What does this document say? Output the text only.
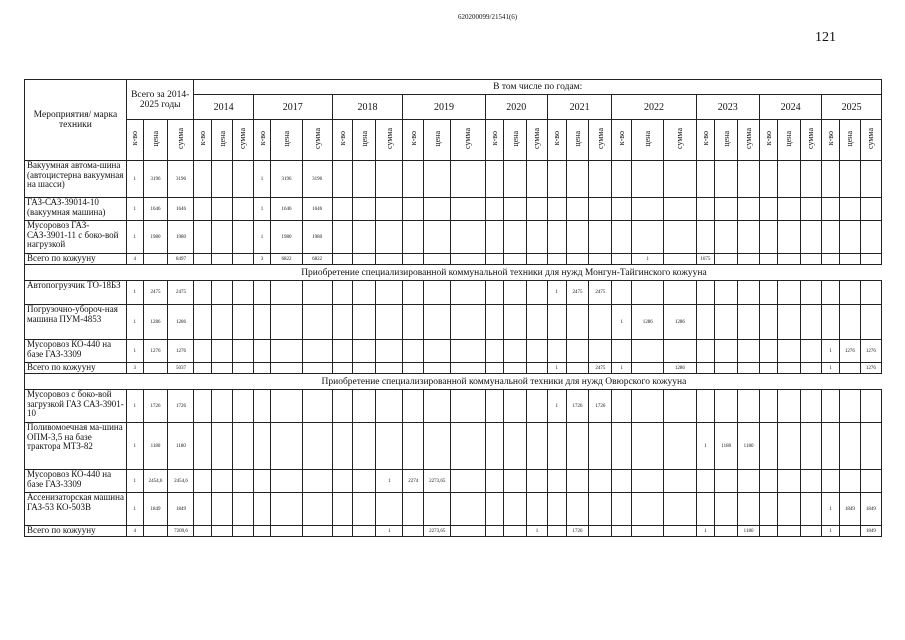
620200099/21541(6)
121
Мероприятия/ марка техники	Всего за 2014-2025 годы			В том числе по годам:																													
				2014			2017			2018			2019			2020			2021			2022			2023			2024			2025		
	к-во	цена	сумма	к-во	цена	сумма	к-во	цена	сумма	к-во	цена	сумма	к-во	цена	сумма	к-во	цена	сумма	к-во	цена	сумма	к-во	цена	сумма	к-во	цена	сумма	к-во	цена	сумма	к-во	цена	сумма
Вакуумная автома-шина (автоцистерна вакуумная на шасси)	1	3196	3196				1	3196	3196																								
ГАЗ-САЗ-39014-10 (вакуумная машина)	1	1646	1646				1	1646	1646																								
Мусоровоз ГАЗ-САЗ-3901-11 с боко-вой нагрузкой	1	1980	1980				1	1980	1980																								
Всего по кожууну	4		8497				3	6822	6822														1		1675								
	Приобретение специализированной коммунальной техники для нужд Монгун-Тайгинского кожууна																																
Автопогрузчик ТО-18БЗ	1	2475	2475																1	2475	2475												
Погрузочно-убороч-ная машина ПУМ-4853	1	1286	1286																			1	1286	1286									
Мусоровоз КО-440 на базе ГАЗ-3309	1	1276	1276																												1	1276	1276
Всего по кожууну	3		5037																1		2475	1		1286							1		1276
	Приобретение специализированной коммунальной техники для нужд Овюрского кожууна																																
Мусоровоз с боко-вой загрузкой ГАЗ САЗ-3901-10	1	1726	1726																1	1726	1726												
Поливомоечная ма-шина ОПМ-3,5 на базе трактора МТЗ-82	1	1180	1180																						1	1180	1180						
Мусоровоз КО-440 на базе ГАЗ-3309	1	2454,6	2454,6									1	2274	2273,65																			
Ассенизаторская машина ГАЗ-53 КО-503В	1	1849	1849																												1	1849	1849
Всего по кожууну	4		7209,6									1		2273,65				1		1726					1		1180				1		1849
